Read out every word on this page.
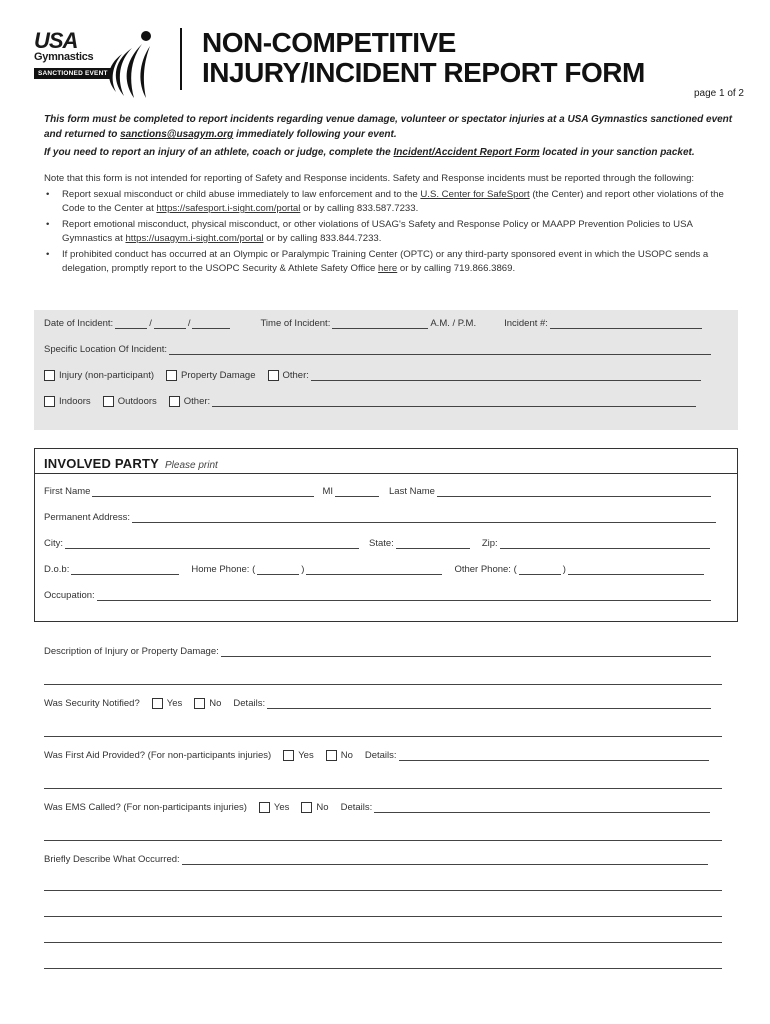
USA
Gymnastics
SANCTIONED EVENT
NON-COMPETITIVE
INJURY/INCIDENT REPORT FORM
page 1 of 2

This form must be completed to report incidents regarding venue damage, volunteer or spectator injuries at a USA Gymnastics sanctioned event and returned to sanctions@usagym.org immediately following your event.

If you need to report an injury of an athlete, coach or judge, complete the Incident/Accident Report Form located in your sanction packet.

Note that this form is not intended for reporting of Safety and Response incidents. Safety and Response incidents must be reported through the following:
• Report sexual misconduct or child abuse immediately to law enforcement and to the U.S. Center for SafeSport (the Center) and report other violations of the Code to the Center at https://safesport.i-sight.com/portal or by calling 833.587.7233.
• Report emotional misconduct, physical misconduct, or other violations of USAG's Safety and Response Policy or MAAPP Prevention Policies to USA Gymnastics at https://usagym.i-sight.com/portal or by calling 833.844.7233.
• If prohibited conduct has occurred at an Olympic or Paralympic Training Center (OPTC) or any third-party sponsored event in which the USOPC sends a delegation, promptly report to the USOPC Security & Athlete Safety Office here or by calling 719.866.3869.
Date of Incident:	/	/	Time of Incident:	A.M. / P.M.	Incident #:
Specific Location Of Incident:
Injury (non-participant)	Property Damage	Other:
Indoors	Outdoors	Other:
INVOLVED PARTY Please print
First Name	MI	Last Name
Permanent Address:
City:	State:	Zip:
D.o.b:	Home Phone: (	)	Other Phone: (	)
Occupation:
Description of Injury or Property Damage:
Was Security Notified?	Yes	No Details:
Was First Aid Provided? (For non-participants injuries)	Yes	No Details:
Was EMS Called? (For non-participants injuries)	Yes	No Details:
Briefly Describe What Occurred:
